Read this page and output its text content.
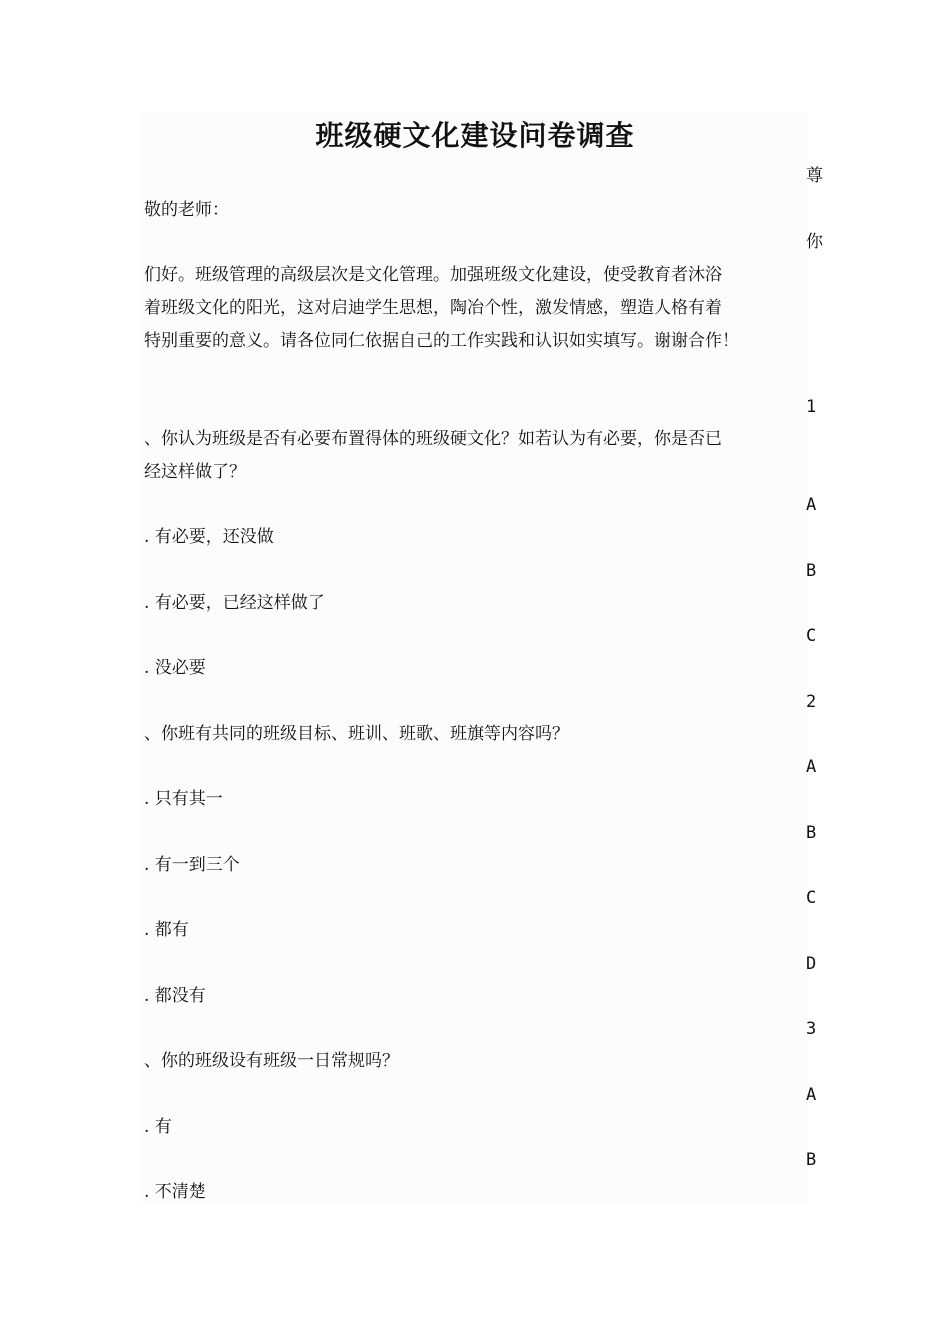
班级硬文化建设问卷调查
尊
你
1
A
B
C
2
A
B
C
D
3
A
B
敬的老师：
们好。班级管理的高级层次是文化管理。加强班级文化建设，使受教育者沐浴
着班级文化的阳光，这对启迪学生思想，陶冶个性，激发情感，塑造人格有着
特别重要的意义。请各位同仁依据自己的工作实践和认识如实填写。谢谢合作！
、你认为班级是否有必要布置得体的班级硬文化？如若认为有必要，你是否已
经这样做了？
. 有必要，还没做
. 有必要，已经这样做了
. 没必要
、你班有共同的班级目标、班训、班歌、班旗等内容吗？
. 只有其一
. 有一到三个
. 都有
. 都没有
、你的班级设有班级一日常规吗？
. 有
. 不清楚
